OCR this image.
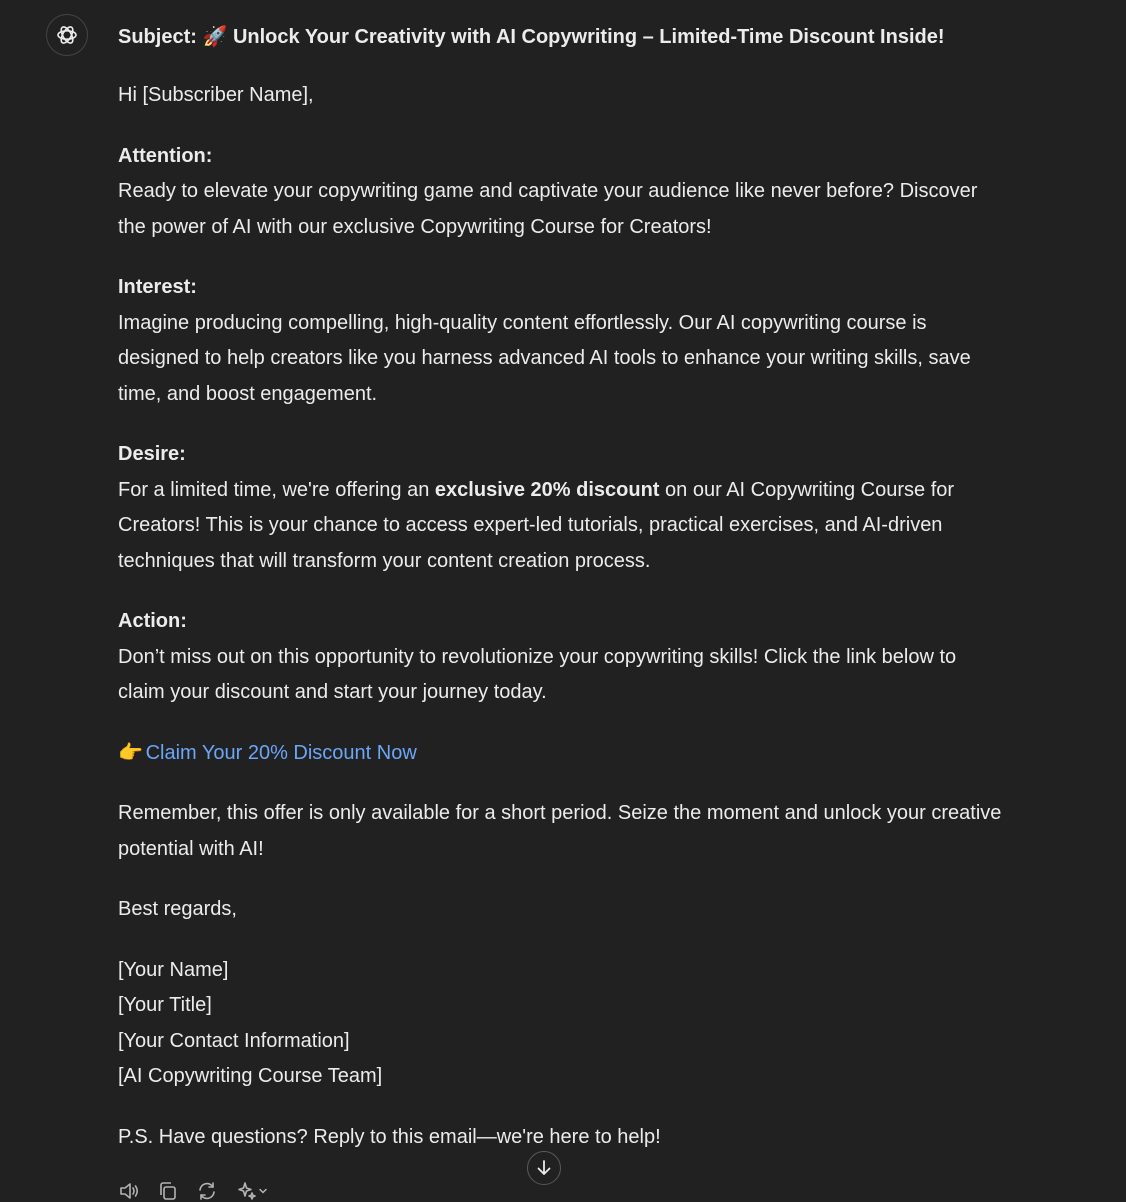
Subject: 🚀 Unlock Your Creativity with AI Copywriting – Limited-Time Discount Inside!

Hi [Subscriber Name],

Attention:

Ready to elevate your copywriting game and captivate your audience like never before? Discover the power of AI with our exclusive Copywriting Course for Creators!

Interest:

Imagine producing compelling, high-quality content effortlessly. Our AI copywriting course is designed to help creators like you harness advanced AI tools to enhance your writing skills, save time, and boost engagement.

Desire:

For a limited time, we're offering an exclusive 20% discount on our AI Copywriting Course for Creators! This is your chance to access expert-led tutorials, practical exercises, and AI-driven techniques that will transform your content creation process.

Action:

Don’t miss out on this opportunity to revolutionize your copywriting skills! Click the link below to claim your discount and start your journey today.

👉 Claim Your 20% Discount Now

Remember, this offer is only available for a short period. Seize the moment and unlock your creative potential with AI!

Best regards,

[Your Name]

[Your Title]

[Your Contact Information]

[AI Copywriting Course Team]

P.S. Have questions? Reply to this email—we're here to help!
